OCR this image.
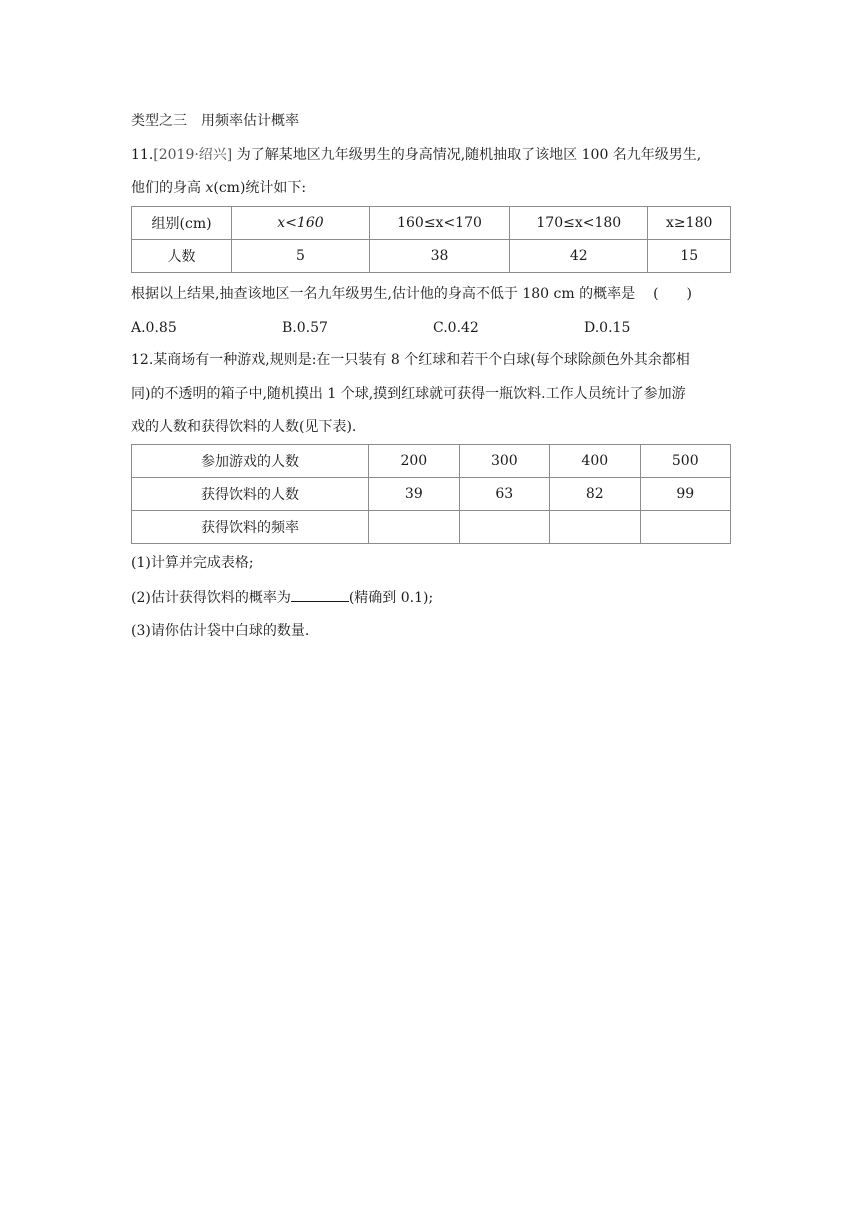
类型之三　用频率估计概率
11.[2019·绍兴] 为了解某地区九年级男生的身高情况,随机抽取了该地区 100 名九年级男生,
他们的身高 x(cm)统计如下:
组别(cm)	x<160	160≤x<170	170≤x<180	x≥180
人数	5	38	42	15
根据以上结果,抽查该地区一名九年级男生,估计他的身高不低于 180 cm 的概率是 (　　)
A.0.85	B.0.57	C.0.42	D.0.15
12.某商场有一种游戏,规则是:在一只装有 8 个红球和若干个白球(每个球除颜色外其余都相
同)的不透明的箱子中,随机摸出 1 个球,摸到红球就可获得一瓶饮料.工作人员统计了参加游
戏的人数和获得饮料的人数(见下表).
参加游戏的人数	200	300	400	500
获得饮料的人数	39	63	82	99
获得饮料的频率				
(1)计算并完成表格;
(2)估计获得饮料的概率为	(精确到 0.1);
(3)请你估计袋中白球的数量.
